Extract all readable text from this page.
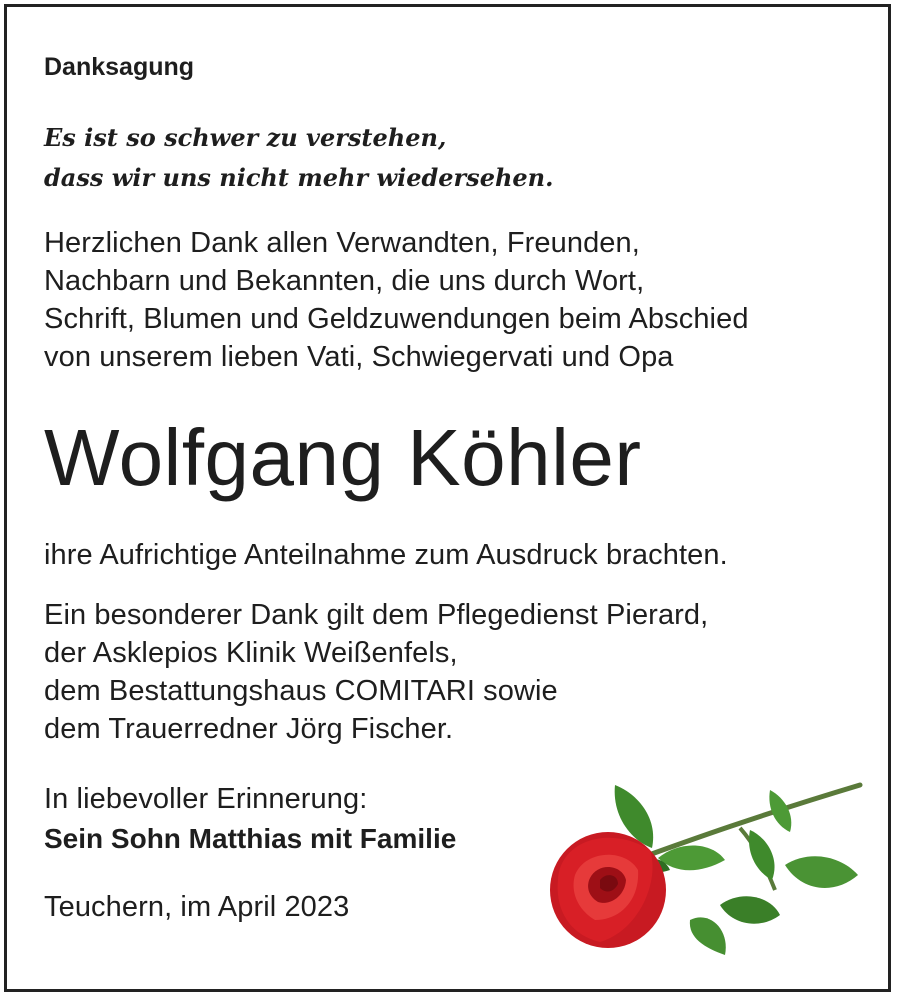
Danksagung
Es ist so schwer zu verstehen,
dass wir uns nicht mehr wiedersehen.
Herzlichen Dank allen Verwandten, Freunden,
Nachbarn und Bekannten, die uns durch Wort,
Schrift, Blumen und Geldzuwendungen beim Abschied
von unserem lieben Vati, Schwiegervati und Opa
Wolfgang Köhler
ihre Aufrichtige Anteilnahme zum Ausdruck brachten.
Ein besonderer Dank gilt dem Pflegedienst Pierard,
der Asklepios Klinik Weißenfels,
dem Bestattungshaus COMITARI sowie
dem Trauerredner Jörg Fischer.
In liebevoller Erinnerung:
Sein Sohn Matthias mit Familie
Teuchern, im April 2023
